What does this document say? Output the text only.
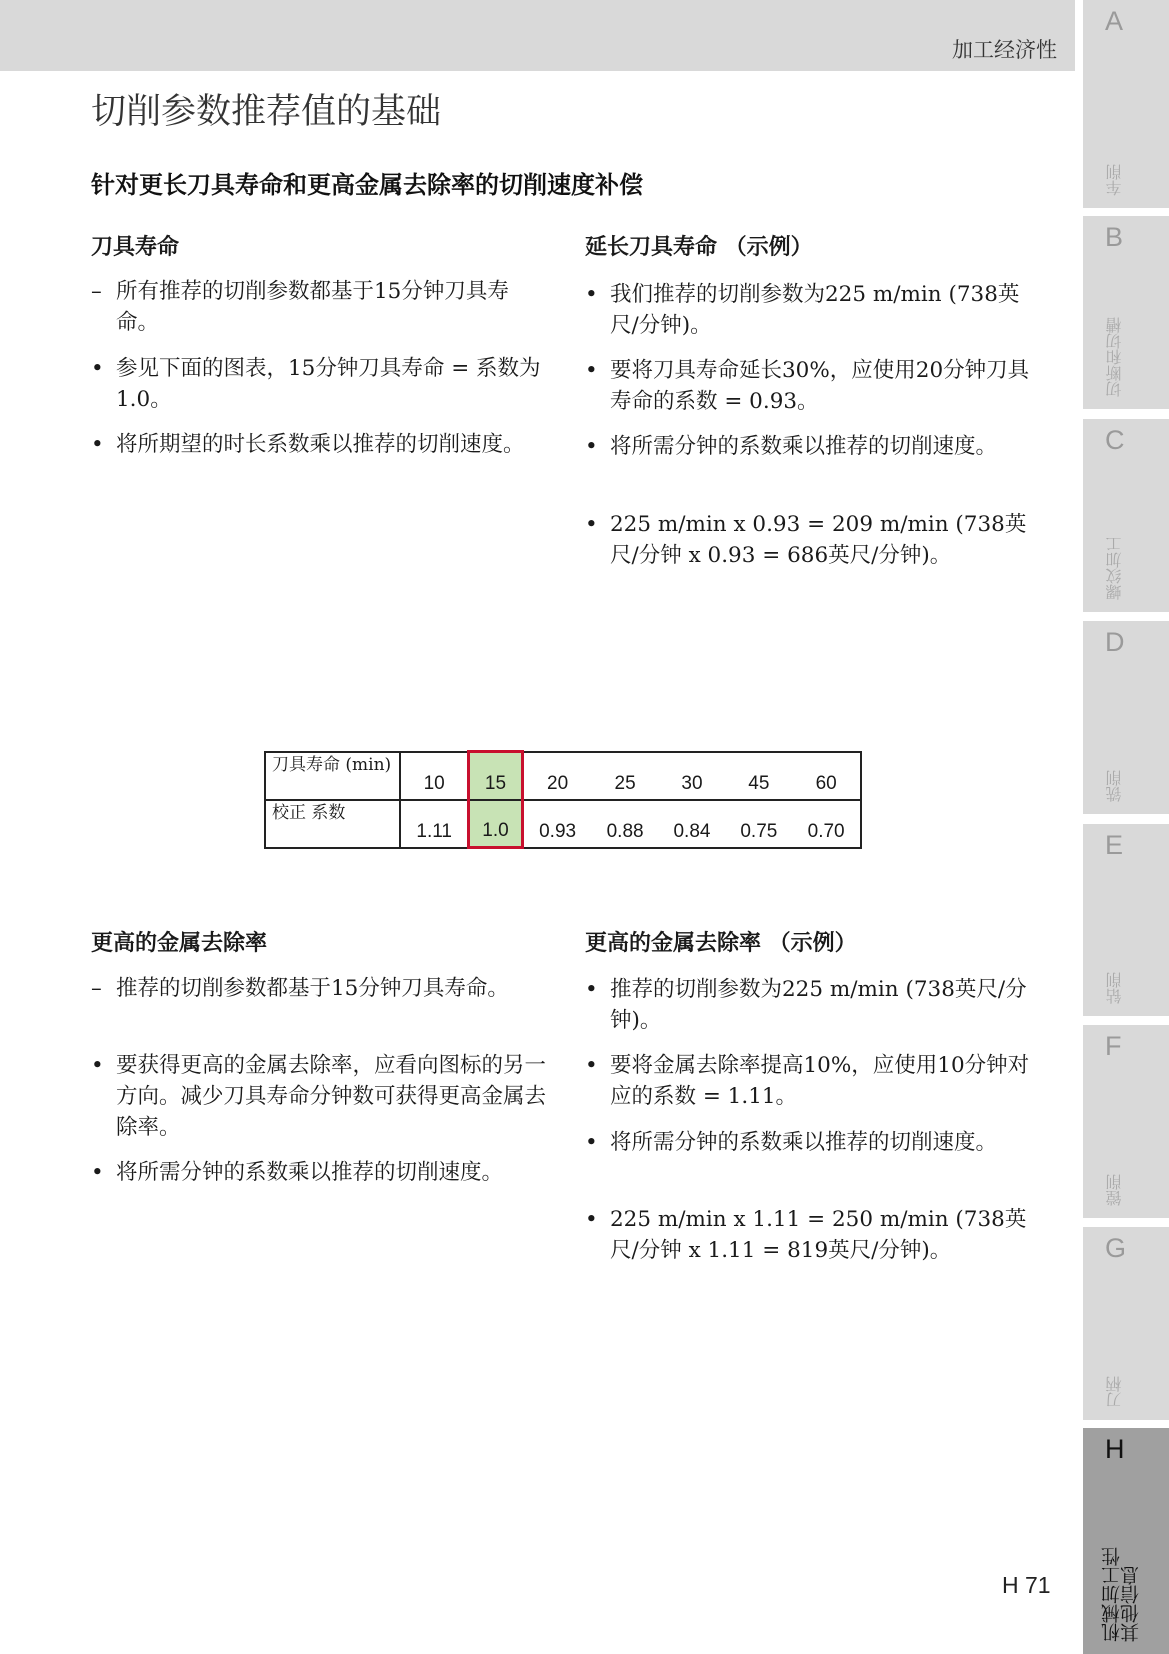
加工经济性
切削参数推荐值的基础
针对更长刀具寿命和更高金属去除率的切削速度补偿
刀具寿命
– 所有推荐的切削参数都基于15分钟刀具寿命。
• 参见下面的图表，15分钟刀具寿命 = 系数为1.0。
• 将所期望的时长系数乘以推荐的切削速度。
延长刀具寿命 （示例）
• 我们推荐的切削参数为225 m/min (738英尺/分钟)。
• 要将刀具寿命延长30%，应使用20分钟刀具寿命的系数 = 0.93。
• 将所需分钟的系数乘以推荐的切削速度。
• 225 m/min x 0.93 = 209 m/min (738英尺/分钟 x 0.93 = 686英尺/分钟)。
刀具寿命 (min)	10	15	20	25	30	45	60
校正 系数	1.11	1.0	0.93	0.88	0.84	0.75	0.70
更高的金属去除率
– 推荐的切削参数都基于15分钟刀具寿命。
• 要获得更高的金属去除率，应看向图标的另一方向。减少刀具寿命分钟数可获得更高金属去除率。
• 将所需分钟的系数乘以推荐的切削速度。
更高的金属去除率 （示例）
• 推荐的切削参数为225 m/min (738英尺/分钟)。
• 要将金属去除率提高10%，应使用10分钟对应的系数 = 1.11。
• 将所需分钟的系数乘以推荐的切削速度。
• 225 m/min x 1.11 = 250 m/min (738英尺/分钟 x 1.11 = 819英尺/分钟)。
A
车削
B
切断和切槽
C
螺纹加工
D
铣削
E
钻削
F
镗削
G
刀柄
H
机械加工性
其他信息
H 71
